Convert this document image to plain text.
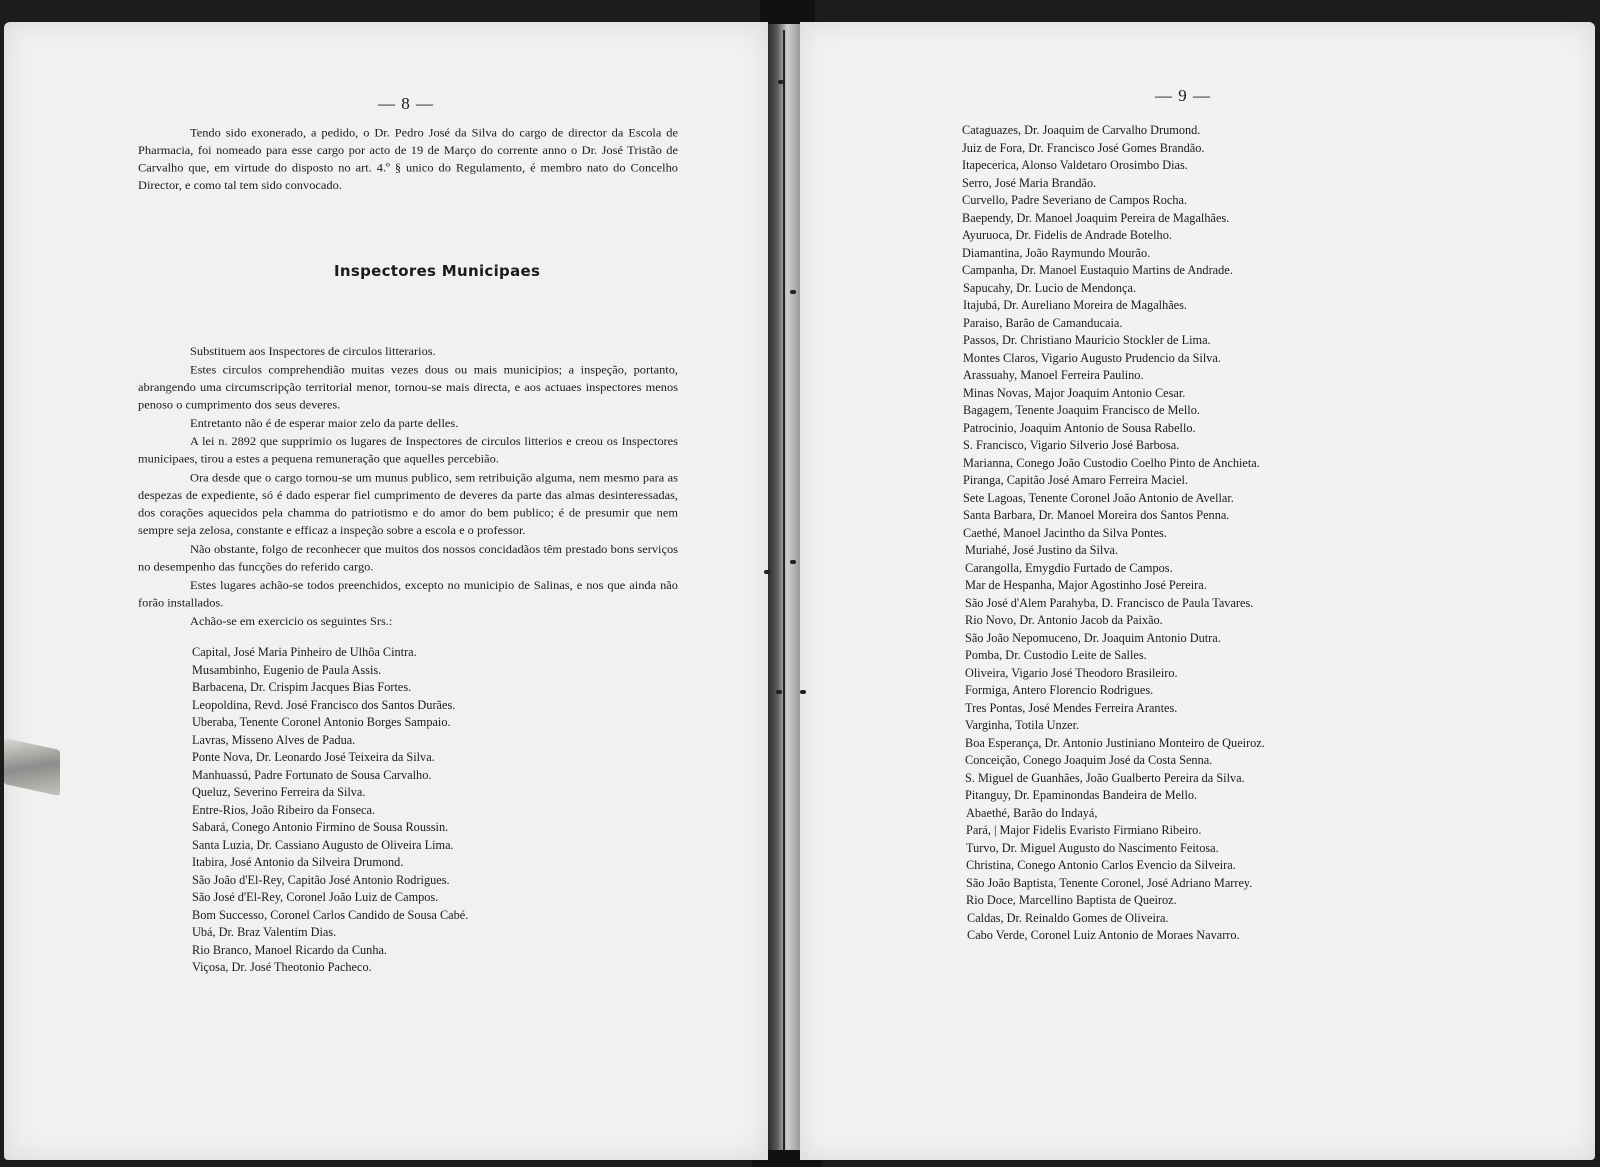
— 8 —

Tendo sido exonerado, a pedido, o Dr. Pedro José da Silva do cargo de director da Escola de Pharmacia, foi nomeado para esse cargo por acto de 19 de Março do corrente anno o Dr. José Tristão de Carvalho que, em virtude do disposto no art. 4.º § unico do Regulamento, é membro nato do Concelho Director, e como tal tem sido convocado.

Inspectores Municipaes

Substituem aos Inspectores de circulos litterarios.

Estes circulos comprehendião muitas vezes dous ou mais municipios; a inspeção, portanto, abrangendo uma circumscripção territorial menor, tornou-se mais directa, e aos actuaes inspectores menos penoso o cumprimento dos seus deveres.

Entretanto não é de esperar maior zelo da parte delles.

A lei n. 2892 que supprimio os lugares de Inspectores de circulos litterios e creou os Inspectores municipaes, tirou a estes a pequena remuneração que aquelles percebião.

Ora desde que o cargo tornou-se um munus publico, sem retribuição alguma, nem mesmo para as despezas de expediente, só é dado esperar fiel cumprimento de deveres da parte das almas desinteressadas, dos corações aquecidos pela chamma do patriotismo e do amor do bem publico; é de presumir que nem sempre seja zelosa, constante e efficaz a inspeção sobre a escola e o professor.

Não obstante, folgo de reconhecer que muitos dos nossos concidadãos têm prestado bons serviços no desempenho das funcções do referido cargo.

Estes lugares achão-se todos preenchidos, excepto no municipio de Salinas, e nos que ainda não forão installados.

Achão-se em exercicio os seguintes Srs.:

Capital, José Maria Pinheiro de Ulhôa Cintra.
Musambinho, Eugenio de Paula Assis.
Barbacena, Dr. Crispim Jacques Bias Fortes.
Leopoldina, Revd. José Francisco dos Santos Durães.
Uberaba, Tenente Coronel Antonio Borges Sampaio.
Lavras, Misseno Alves de Padua.
Ponte Nova, Dr. Leonardo José Teixeira da Silva.
Manhuassú, Padre Fortunato de Sousa Carvalho.
Queluz, Severino Ferreira da Silva.
Entre-Rios, João Ribeiro da Fonseca.
Sabará, Conego Antonio Firmino de Sousa Roussin.
Santa Luzia, Dr. Cassiano Augusto de Oliveira Lima.
Itabira, José Antonio da Silveira Drumond.
São João d'El-Rey, Capitão José Antonio Rodrigues.
São José d'El-Rey, Coronel João Luiz de Campos.
Bom Successo, Coronel Carlos Candido de Sousa Cabé.
Ubá, Dr. Braz Valentim Dias.
Rio Branco, Manoel Ricardo da Cunha.
Viçosa, Dr. José Theotonio Pacheco.
— 9 —
Cataguazes, Dr. Joaquim de Carvalho Drumond.
Juiz de Fora, Dr. Francisco José Gomes Brandão.
Itapecerica, Alonso Valdetaro Orosimbo Dias.
Serro, José Maria Brandão.
Curvello, Padre Severiano de Campos Rocha.
Baependy, Dr. Manoel Joaquim Pereira de Magalhães.
Ayuruoca, Dr. Fidelis de Andrade Botelho.
Diamantina, João Raymundo Mourão.
Campanha, Dr. Manoel Eustaquio Martins de Andrade.
Sapucahy, Dr. Lucio de Mendonça.
Itajubá, Dr. Aureliano Moreira de Magalhães.
Paraiso, Barão de Camanducaia.
Passos, Dr. Christiano Mauricio Stockler de Lima.
Montes Claros, Vigario Augusto Prudencio da Silva.
Arassuahy, Manoel Ferreira Paulino.
Minas Novas, Major Joaquim Antonio Cesar.
Bagagem, Tenente Joaquim Francisco de Mello.
Patrocinio, Joaquim Antonio de Sousa Rabello.
S. Francisco, Vigario Silverio José Barbosa.
Marianna, Conego João Custodio Coelho Pinto de Anchieta.
Piranga, Capitão José Amaro Ferreira Maciel.
Sete Lagoas, Tenente Coronel João Antonio de Avellar.
Santa Barbara, Dr. Manoel Moreira dos Santos Penna.
Caethé, Manoel Jacintho da Silva Pontes.
Muriahé, José Justino da Silva.
Carangolla, Emygdio Furtado de Campos.
Mar de Hespanha, Major Agostinho José Pereira.
São José d'Alem Parahyba, D. Francisco de Paula Tavares.
Rio Novo, Dr. Antonio Jacob da Paixão.
São João Nepomuceno, Dr. Joaquim Antonio Dutra.
Pomba, Dr. Custodio Leite de Salles.
Oliveira, Vigario José Theodoro Brasileiro.
Formiga, Antero Florencio Rodrigues.
Tres Pontas, José Mendes Ferreira Arantes.
Varginha, Totila Unzer.
Boa Esperança, Dr. Antonio Justiniano Monteiro de Queiroz.
Conceição, Conego Joaquim José da Costa Senna.
S. Miguel de Guanhães, João Gualberto Pereira da Silva.
Pitanguy, Dr. Epaminondas Bandeira de Mello.
Abaethé, Barão do Indayá,
Pará, | Major Fidelis Evaristo Firmiano Ribeiro.
Turvo, Dr. Miguel Augusto do Nascimento Feitosa.
Christina, Conego Antonio Carlos Evencio da Silveira.
São João Baptista, Tenente Coronel, José Adriano Marrey.
Rio Doce, Marcellino Baptista de Queiroz.
Caldas, Dr. Reinaldo Gomes de Oliveira.
Cabo Verde, Coronel Luiz Antonio de Moraes Navarro.
